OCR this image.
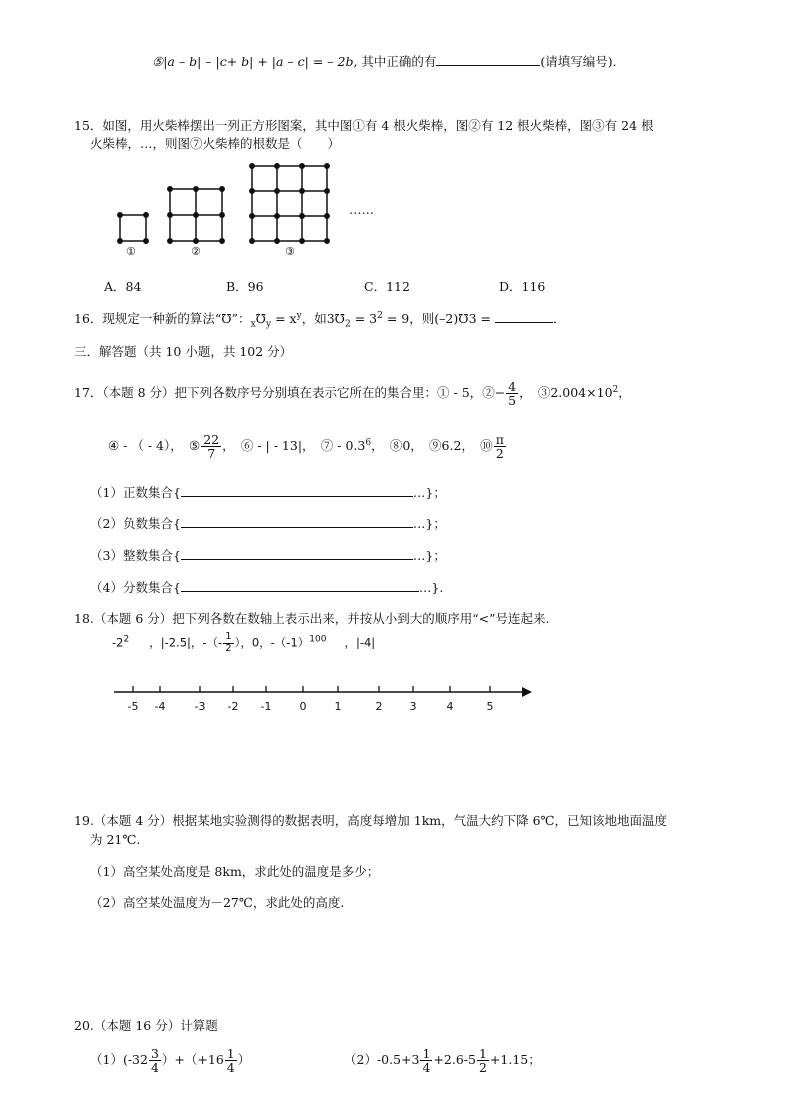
⑤|a – b| – |c+ b| + |a – c| = – 2b, 其中正确的有	(请填写编号)．
15．如图，用火柴棒摆出一列正方形图案，其中图①有 4 根火柴棒，图②有 12 根火柴棒，图③有 24 根
火柴棒，…，则图⑦火柴棒的根数是（　　）
①	②	③
……
A．84	B．96	C．112	D．116
16．现规定一种新的算法“℧”：$_x℧_y = x^y$，如$3℧_2 = 3^2 = 9$，则(–2)℧3 =	．
三．解答题（共 10 小题，共 102 分）
17．（本题 8 分）把下列各数序号分别填在表示它所在的集合里：① - 5，②− $\frac{4}{5}$ ，　$③2.004\times 10^2$，
④ - （ - 4），　⑤ $\frac{22}{7}$ ，　⑥ - | - 13|，　⑦ - $0.3^6$，　⑧0，　⑨6.2，　⑩ $\frac{\pi}{2}$
（1）正数集合{	…}；
（2）负数集合{	…}；
（3）整数集合{	…}；
（4）分数集合{	…}.
18.（本题 6 分）把下列各数在数轴上表示出来，并按从小到大的顺序用“<”号连起来.
$-2^2$ ，|-2.5|，-（- $\frac{1}{2}$ ），0，$-(-1)^{100}$ ，|-4|
-5 -4	-3 -2 -1	0	1	2 3	4	5
19.（本题 4 分）根据某地实验测得的数据表明，高度每增加 1km，气温大约下降 6℃，已知该地地面温度
为 21℃.
（1）高空某处高度是 8km，求此处的温度是多少；
（2）高空某处温度为－27℃，求此处的高度.
20.（本题 16 分）计算题
$(1)(-32 \frac{3}{4} )+(+16 \frac{1}{4}$ ）	$(2)-0.5+3 \frac{1}{4} +2.6-5 \frac{1}{2} +1.15$；
